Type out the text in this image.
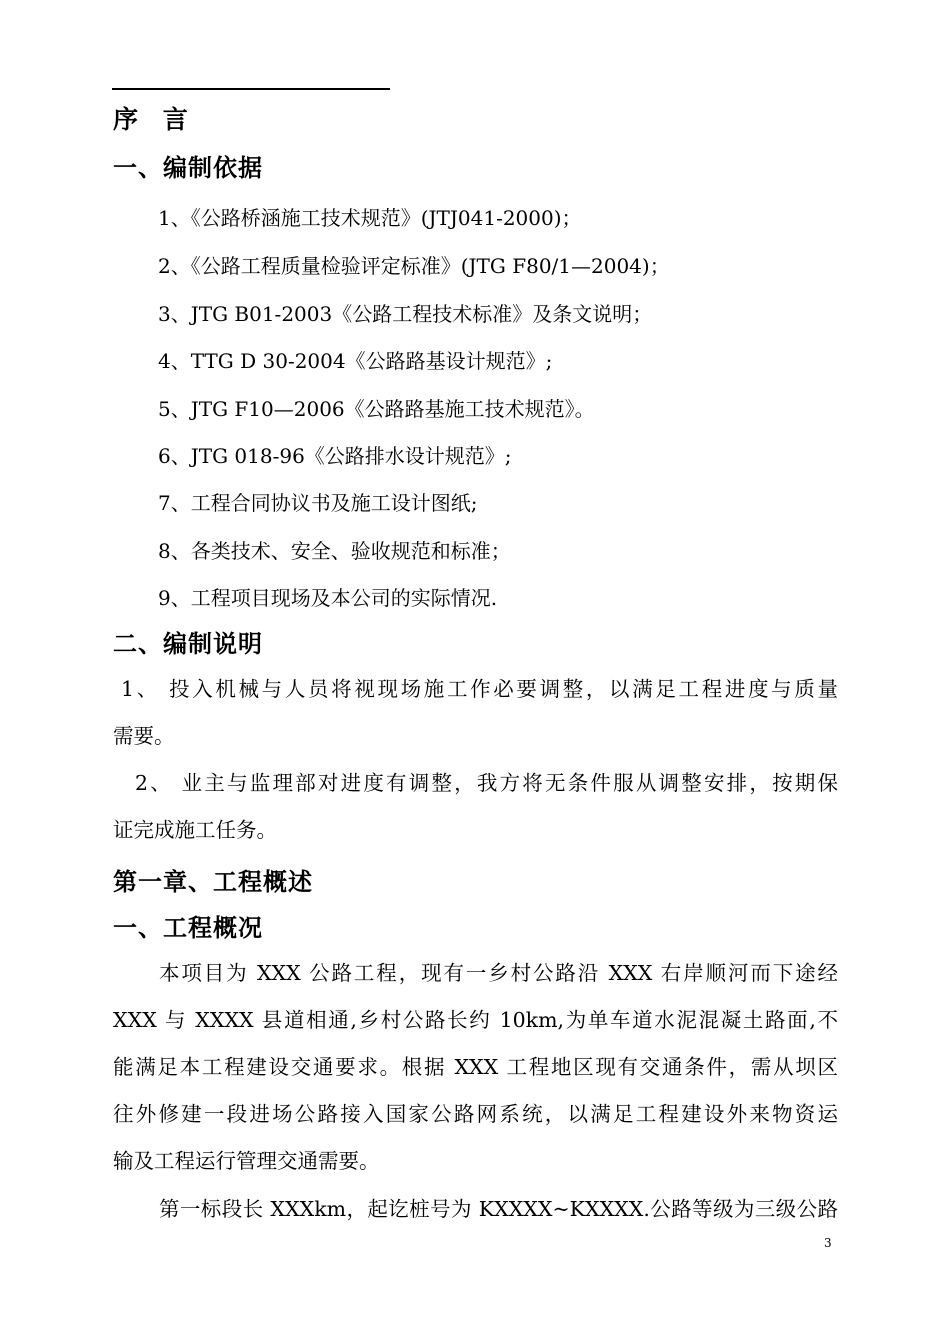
序 言
一、编制依据
1、《公路桥涵施工技术规范》(JTJ041-2000)；
2、《公路工程质量检验评定标准》(JTG F80/1—2004)；
3、JTG B01-2003《公路工程技术标准》及条文说明；
4、TTG D 30-2004《公路路基设计规范》;
5、JTG F10—2006《公路路基施工技术规范》。
6、JTG 018-96《公路排水设计规范》;
7、工程合同协议书及施工设计图纸;
8、各类技术、安全、验收规范和标准；
9、工程项目现场及本公司的实际情况.
二、编制说明
1、 投入机械与人员将视现场施工作必要调整，以满足工程进度与质量
需要。
2、 业主与监理部对进度有调整，我方将无条件服从调整安排，按期保
证完成施工任务。
第一章、工程概述
一、工程概况
本项目为 XXX 公路工程，现有一乡村公路沿 XXX 右岸顺河而下途经
XXX 与 XXXX 县道相通,乡村公路长约 10km,为单车道水泥混凝土路面,不
能满足本工程建设交通要求。根据 XXX 工程地区现有交通条件，需从坝区
往外修建一段进场公路接入国家公路网系统，以满足工程建设外来物资运
输及工程运行管理交通需要。
第一标段长 XXXkm，起讫桩号为 KXXXX~KXXXX.公路等级为三级公路
3
